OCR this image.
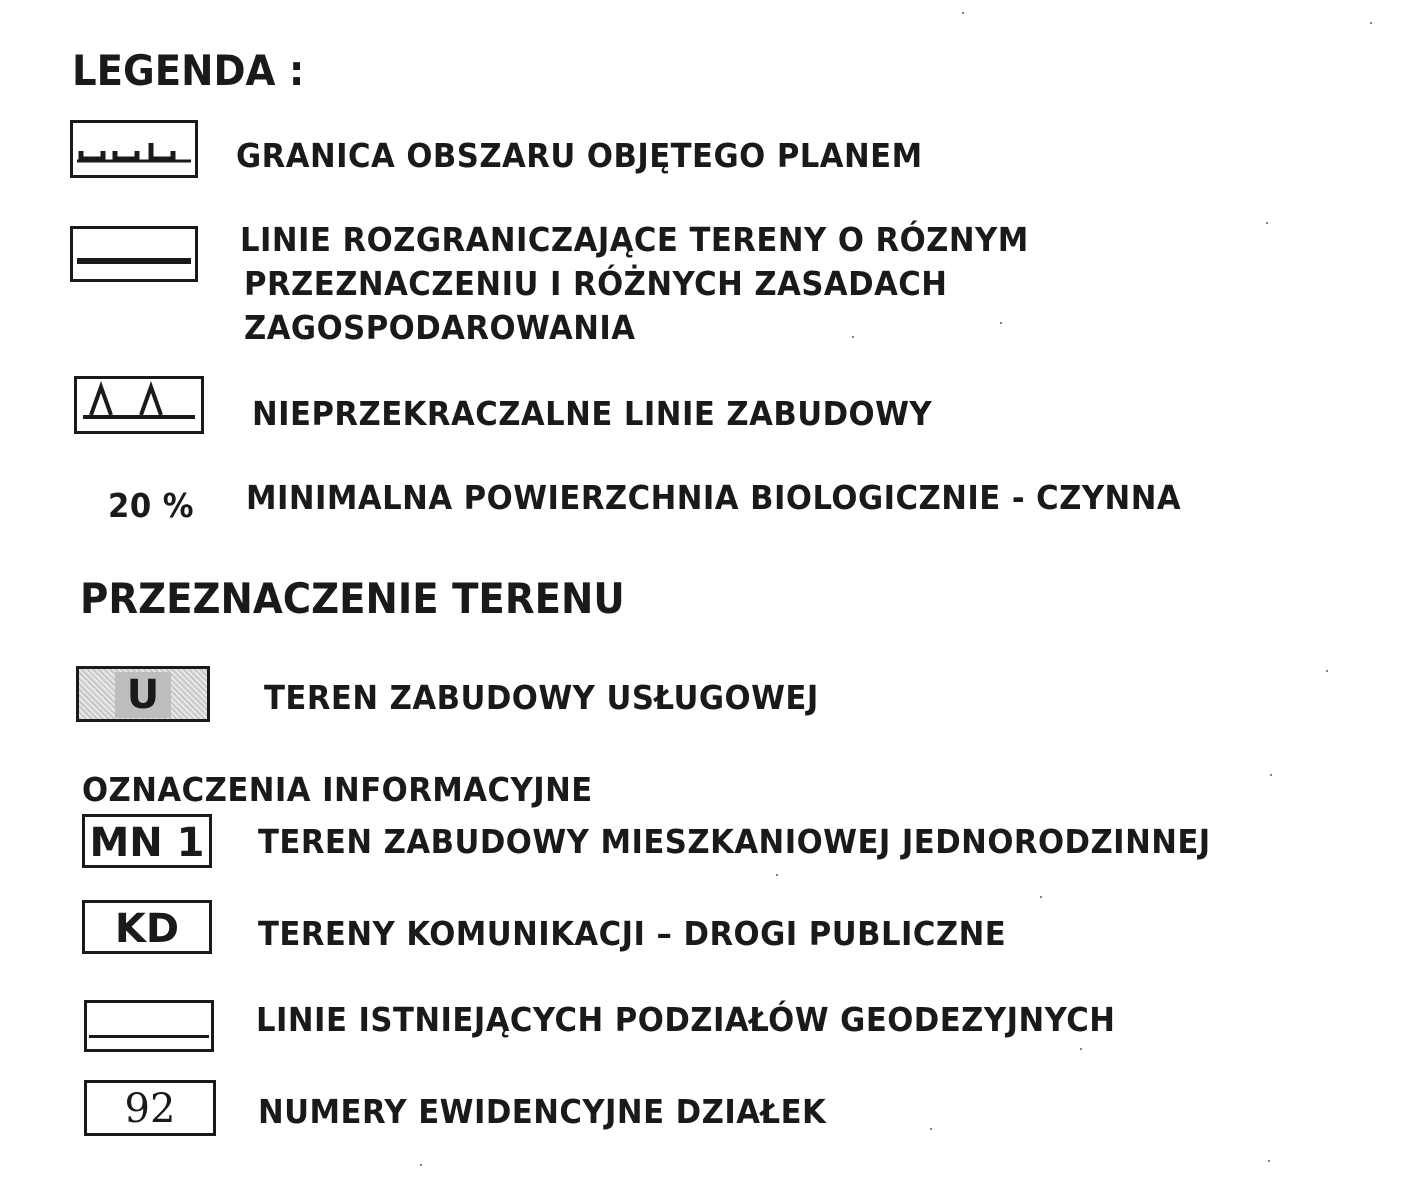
LEGENDA :
GRANICA OBSZARU OBJĘTEGO PLANEM
LINIE ROZGRANICZAJĄCE TERENY O RÓZNYM
PRZEZNACZENIU I RÓŻNYCH ZASADACH
ZAGOSPODAROWANIA
NIEPRZEKRACZALNE LINIE ZABUDOWY
20 % MINIMALNA POWIERZCHNIA BIOLOGICZNIE - CZYNNA
PRZEZNACZENIE TERENU
U	TEREN ZABUDOWY USŁUGOWEJ
OZNACZENIA INFORMACYJNE
MN 1 TEREN ZABUDOWY MIESZKANIOWEJ JEDNORODZINNEJ
KD	TERENY KOMUNIKACJI – DROGI PUBLICZNE
LINIE ISTNIEJĄCYCH PODZIAŁÓW GEODEZYJNYCH
92	NUMERY EWIDENCYJNE DZIAŁEK
